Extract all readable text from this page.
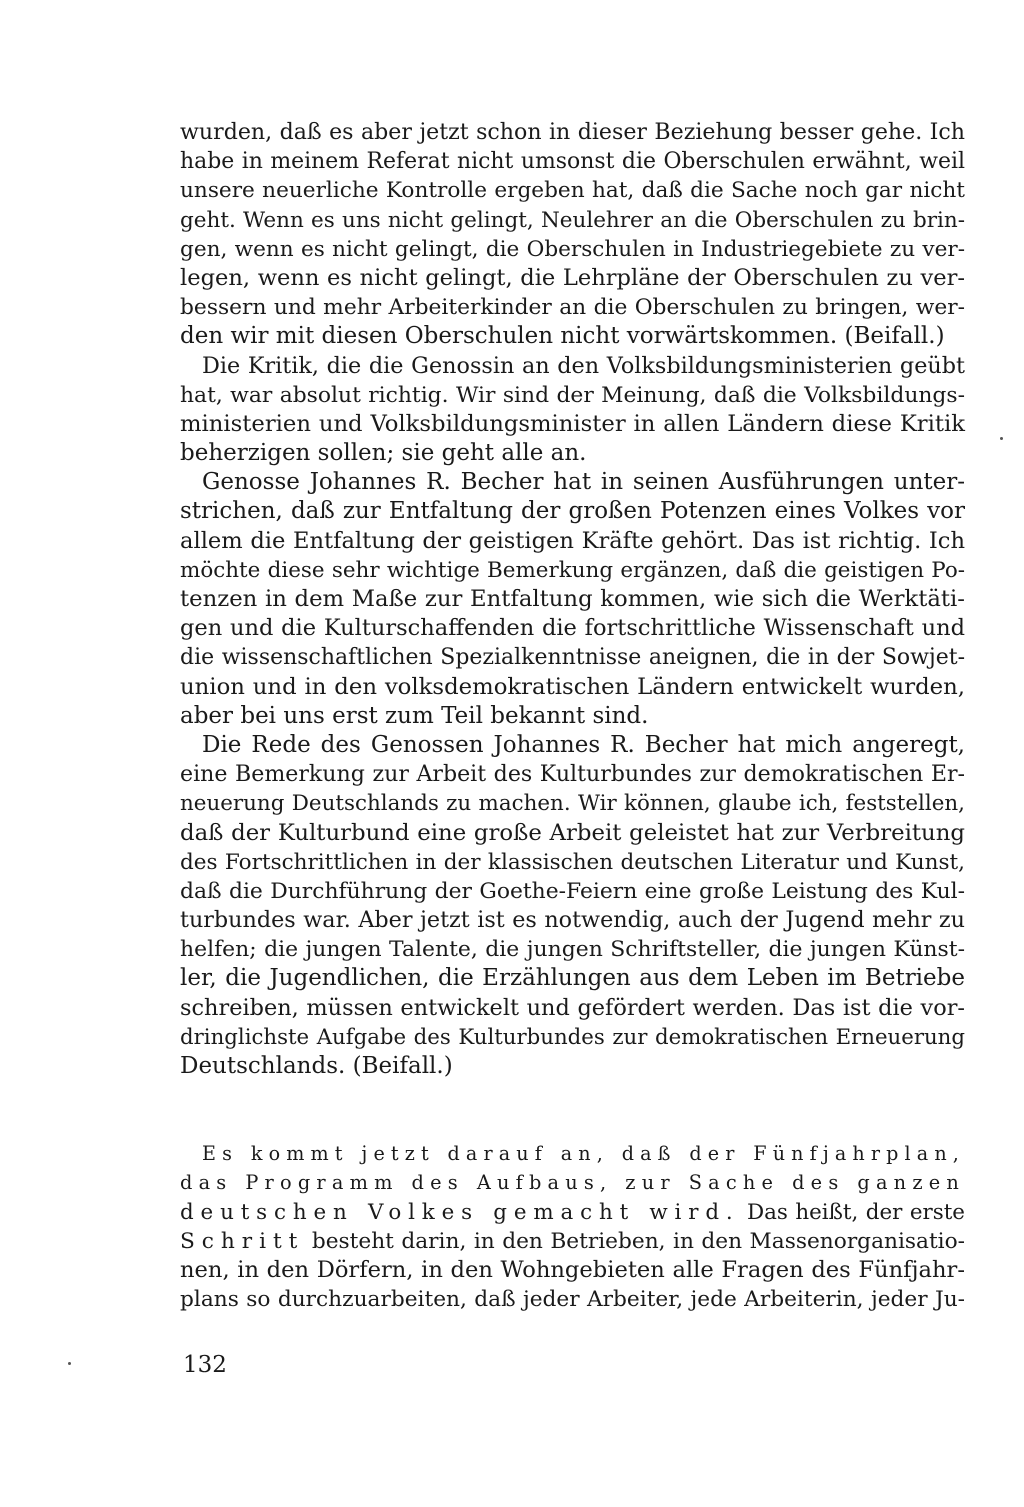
wurden, daß es aber jetzt schon in dieser Beziehung besser gehe. Ich
habe in meinem Referat nicht umsonst die Oberschulen erwähnt, weil
unsere neuerliche Kontrolle ergeben hat, daß die Sache noch gar nicht
geht. Wenn es uns nicht gelingt, Neulehrer an die Oberschulen zu brin-
gen, wenn es nicht gelingt, die Oberschulen in Industriegebiete zu ver-
legen, wenn es nicht gelingt, die Lehrpläne der Oberschulen zu ver-
bessern und mehr Arbeiterkinder an die Oberschulen zu bringen, wer-
den wir mit diesen Oberschulen nicht vorwärtskommen. (Beifall.)
Die Kritik, die die Genossin an den Volksbildungsministerien geübt
hat, war absolut richtig. Wir sind der Meinung, daß die Volksbildungs-
ministerien und Volksbildungsminister in allen Ländern diese Kritik
beherzigen sollen; sie geht alle an.
Genosse Johannes R. Becher hat in seinen Ausführungen unter-
strichen, daß zur Entfaltung der großen Potenzen eines Volkes vor
allem die Entfaltung der geistigen Kräfte gehört. Das ist richtig. Ich
möchte diese sehr wichtige Bemerkung ergänzen, daß die geistigen Po-
tenzen in dem Maße zur Entfaltung kommen, wie sich die Werktäti-
gen und die Kulturschaffenden die fortschrittliche Wissenschaft und
die wissenschaftlichen Spezialkenntnisse aneignen, die in der Sowjet-
union und in den volksdemokratischen Ländern entwickelt wurden,
aber bei uns erst zum Teil bekannt sind.
Die Rede des Genossen Johannes R. Becher hat mich angeregt,
eine Bemerkung zur Arbeit des Kulturbundes zur demokratischen Er-
neuerung Deutschlands zu machen. Wir können, glaube ich, feststellen,
daß der Kulturbund eine große Arbeit geleistet hat zur Verbreitung
des Fortschrittlichen in der klassischen deutschen Literatur und Kunst,
daß die Durchführung der Goethe-Feiern eine große Leistung des Kul-
turbundes war. Aber jetzt ist es notwendig, auch der Jugend mehr zu
helfen; die jungen Talente, die jungen Schriftsteller, die jungen Künst-
ler, die Jugendlichen, die Erzählungen aus dem Leben im Betriebe
schreiben, müssen entwickelt und gefördert werden. Das ist die vor-
dringlichste Aufgabe des Kulturbundes zur demokratischen Erneuerung
Deutschlands. (Beifall.)
Es kommt jetzt darauf an, daß der Fünfjahrplan,
das Programm des Aufbaus, zur Sache des ganzen
deutschen Volkes gemacht wird. Das heißt, der erste
Schritt besteht darin, in den Betrieben, in den Massenorganisatio-
nen, in den Dörfern, in den Wohngebieten alle Fragen des Fünfjahr-
plans so durchzuarbeiten, daß jeder Arbeiter, jede Arbeiterin, jeder Ju-
132
